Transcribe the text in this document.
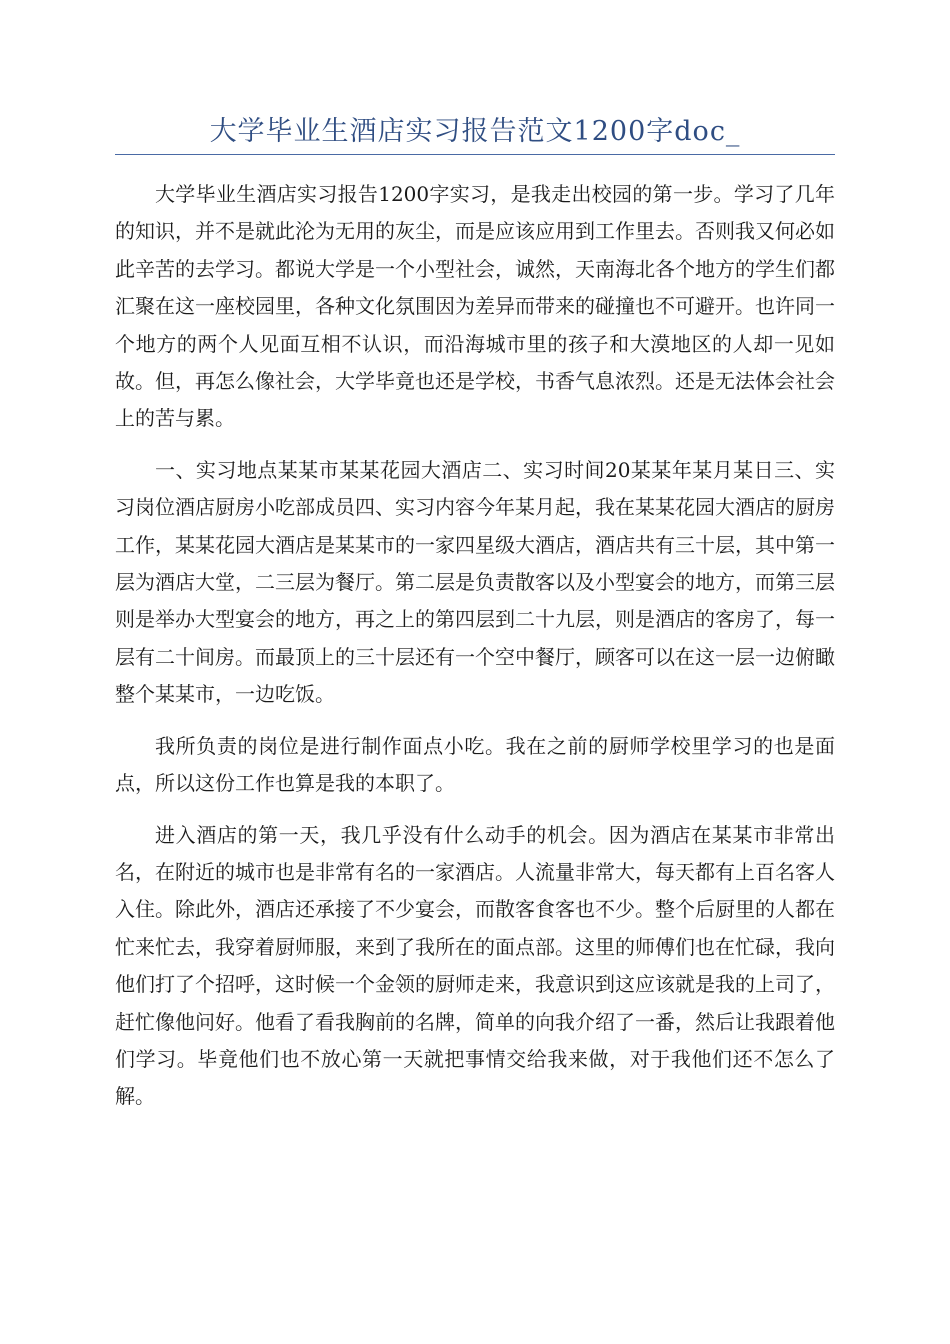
大学毕业生酒店实习报告范文1200字doc_

大学毕业生酒店实习报告1200字实习，是我走出校园的第一步。学习了几年的知识，并不是就此沦为无用的灰尘，而是应该应用到工作里去。否则我又何必如此辛苦的去学习。都说大学是一个小型社会，诚然，天南海北各个地方的学生们都汇聚在这一座校园里，各种文化氛围因为差异而带来的碰撞也不可避开。也许同一个地方的两个人见面互相不认识，而沿海城市里的孩子和大漠地区的人却一见如故。但，再怎么像社会，大学毕竟也还是学校，书香气息浓烈。还是无法体会社会上的苦与累。

一、实习地点某某市某某花园大酒店二、实习时间20某某年某月某日三、实习岗位酒店厨房小吃部成员四、实习内容今年某月起，我在某某花园大酒店的厨房工作，某某花园大酒店是某某市的一家四星级大酒店，酒店共有三十层，其中第一层为酒店大堂，二三层为餐厅。第二层是负责散客以及小型宴会的地方，而第三层则是举办大型宴会的地方，再之上的第四层到二十九层，则是酒店的客房了，每一层有二十间房。而最顶上的三十层还有一个空中餐厅，顾客可以在这一层一边俯瞰整个某某市，一边吃饭。

我所负责的岗位是进行制作面点小吃。我在之前的厨师学校里学习的也是面点，所以这份工作也算是我的本职了。

进入酒店的第一天，我几乎没有什么动手的机会。因为酒店在某某市非常出名，在附近的城市也是非常有名的一家酒店。人流量非常大，每天都有上百名客人入住。除此外，酒店还承接了不少宴会，而散客食客也不少。整个后厨里的人都在忙来忙去，我穿着厨师服，来到了我所在的面点部。这里的师傅们也在忙碌，我向他们打了个招呼，这时候一个金领的厨师走来，我意识到这应该就是我的上司了，赶忙像他问好。他看了看我胸前的名牌，简单的向我介绍了一番，然后让我跟着他们学习。毕竟他们也不放心第一天就把事情交给我来做，对于我他们还不怎么了解。
